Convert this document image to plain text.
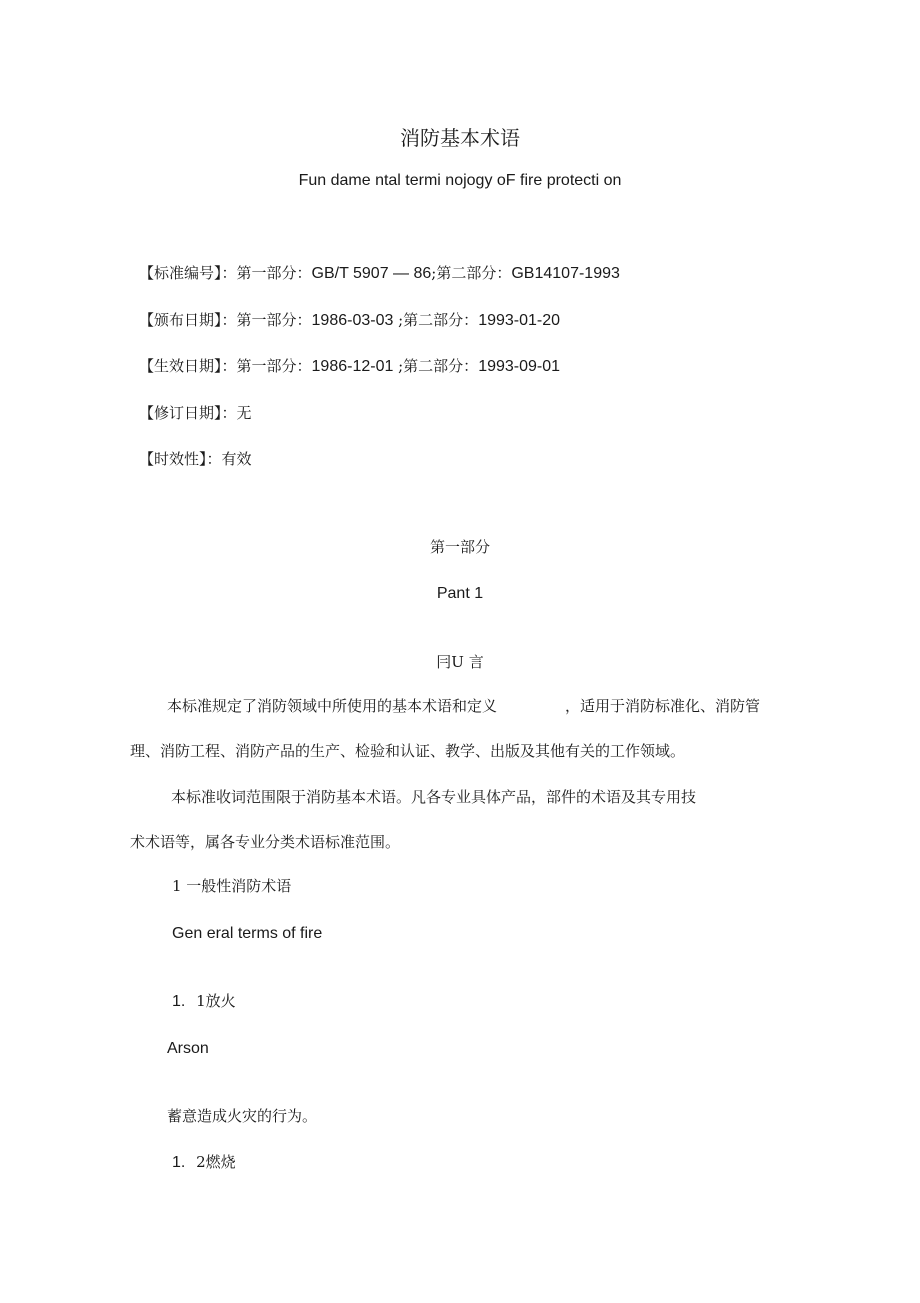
消防基本术语
Fun dame ntal termi nojogy oF fire protecti on
【标准编号】：第一部分：GB/T 5907 — 86;第二部分：GB14107-1993
【颁布日期】：第一部分：1986-03-03 ;第二部分：1993-01-20
【生效日期】：第一部分：1986-12-01 ;第二部分：1993-09-01
【修订日期】：无
【时效性】：有效
第一部分
Pant 1
冃U 言
本标准规定了消防领域中所使用的基本术语和定义	，适用于消防标准化、消防管
理、消防工程、消防产品的生产、检验和认证、教学、出版及其他有关的工作领域。
本标准收词范围限于消防基本术语。凡各专业具体产品，部件的术语及其专用技
术术语等，属各专业分类术语标准范围。
1 一般性消防术语
Gen eral terms of fire
1. 1放火
Arson
蓄意造成火灾的行为。
1. 2燃烧
